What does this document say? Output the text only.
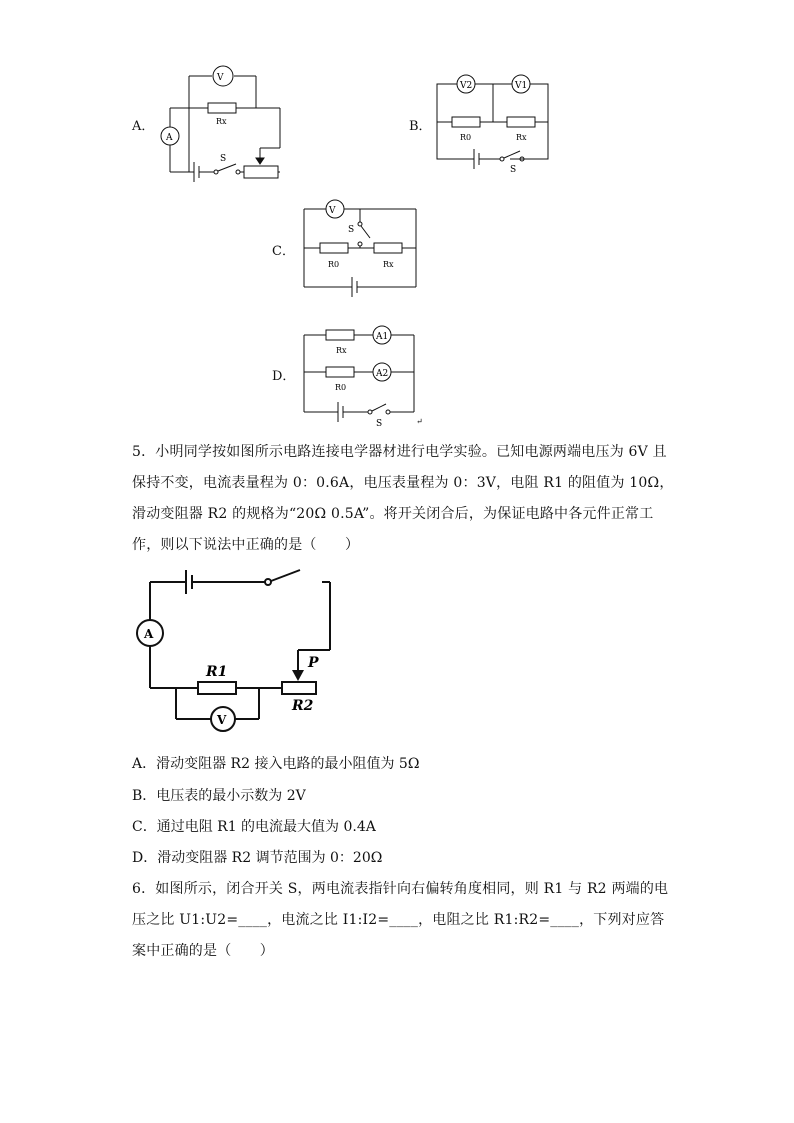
A．
V
A
Rx
S
B．
V2	V1
R0	Rx
S
C．
V
S
R0	Rx
D．
A1
A2
Rx
R0
S	↵
5．小明同学按如图所示电路连接电学器材进行电学实验。已知电源两端电压为 6V 且保持不变，电流表量程为 0：0.6A，电压表量程为 0：3V，电阻 R1 的阻值为 10Ω，滑动变阻器 R2 的规格为“20Ω 0.5A”。将开关闭合后，为保证电路中各元件正常工作，则以下说法中正确的是（　　）
A
V
R1
R2
P
A．滑动变阻器 R2 接入电路的最小阻值为 5Ω
B．电压表的最小示数为 2V
C．通过电阻 R1 的电流最大值为 0.4A
D．滑动变阻器 R2 调节范围为 0：20Ω
6．如图所示，闭合开关 S，两电流表指针向右偏转角度相同，则 R1 与 R2 两端的电压之比 U1:U2=____，电流之比 I1:I2=____，电阻之比 R1:R2=____，下列对应答案中正确的是（　　）
